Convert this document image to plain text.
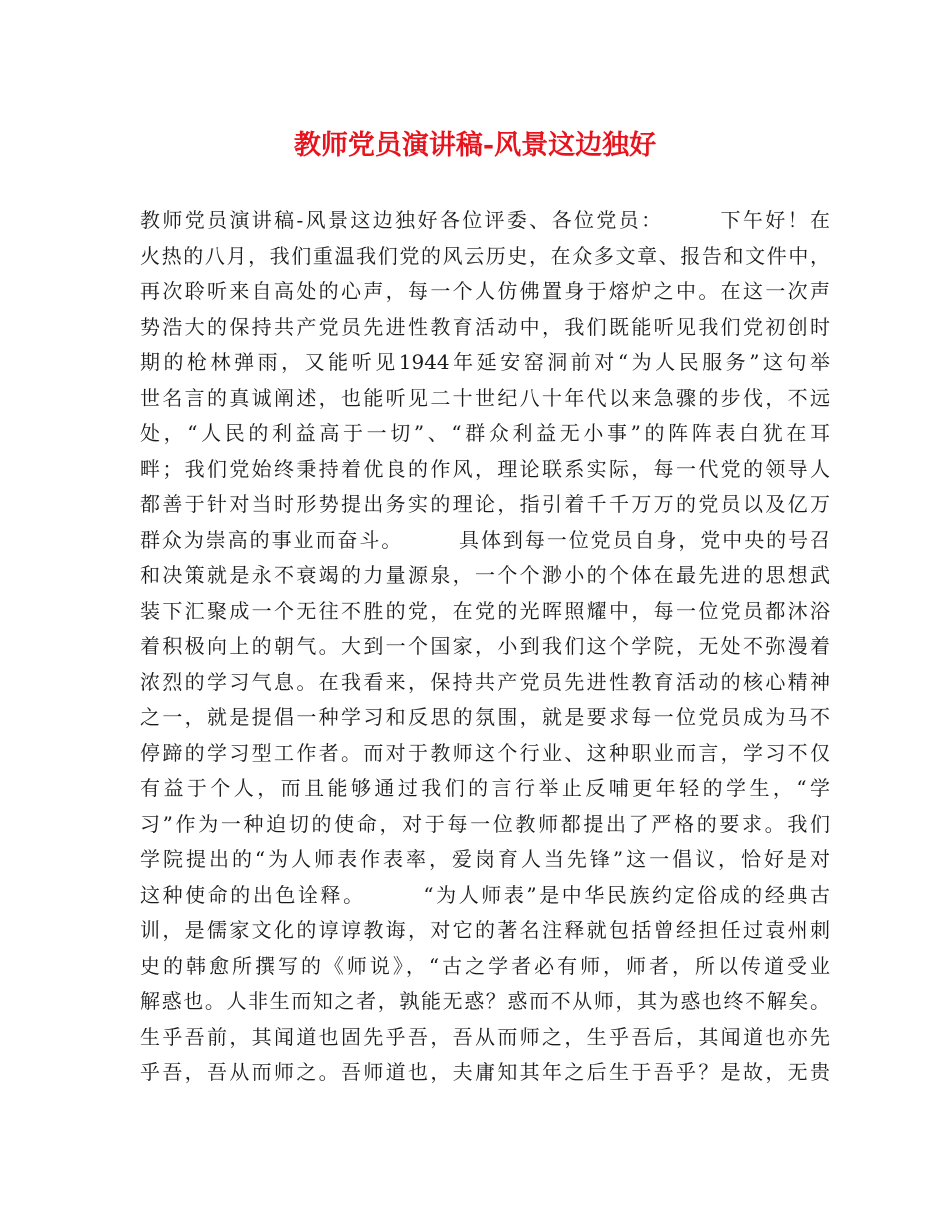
教师党员演讲稿-风景这边独好
教师党员演讲稿-风景这边独好各位评委、各位党员：　　　下午好！在
火热的八月，我们重温我们党的风云历史，在众多文章、报告和文件中，
再次聆听来自高处的心声，每一个人仿佛置身于熔炉之中。在这一次声
势浩大的保持共产党员先进性教育活动中，我们既能听见我们党初创时
期的枪林弹雨，又能听见1944年延安窑洞前对“为人民服务”这句举
世名言的真诚阐述，也能听见二十世纪八十年代以来急骤的步伐，不远
处，“人民的利益高于一切”、“群众利益无小事”的阵阵表白犹在耳
畔；我们党始终秉持着优良的作风，理论联系实际，每一代党的领导人
都善于针对当时形势提出务实的理论，指引着千千万万的党员以及亿万
群众为崇高的事业而奋斗。　　　具体到每一位党员自身，党中央的号召
和决策就是永不衰竭的力量源泉，一个个渺小的个体在最先进的思想武
装下汇聚成一个无往不胜的党，在党的光晖照耀中，每一位党员都沐浴
着积极向上的朝气。大到一个国家，小到我们这个学院，无处不弥漫着
浓烈的学习气息。在我看来，保持共产党员先进性教育活动的核心精神
之一，就是提倡一种学习和反思的氛围，就是要求每一位党员成为马不
停蹄的学习型工作者。而对于教师这个行业、这种职业而言，学习不仅
有益于个人，而且能够通过我们的言行举止反哺更年轻的学生，“学
习”作为一种迫切的使命，对于每一位教师都提出了严格的要求。我们
学院提出的“为人师表作表率，爱岗育人当先锋”这一倡议，恰好是对
这种使命的出色诠释。　　　“为人师表”是中华民族约定俗成的经典古
训，是儒家文化的谆谆教诲，对它的著名注释就包括曾经担任过袁州刺
史的韩愈所撰写的《师说》，“古之学者必有师，师者，所以传道受业
解惑也。人非生而知之者，孰能无惑？惑而不从师，其为惑也终不解矣。
生乎吾前，其闻道也固先乎吾，吾从而师之，生乎吾后，其闻道也亦先
乎吾，吾从而师之。吾师道也，夫庸知其年之后生于吾乎？是故，无贵
